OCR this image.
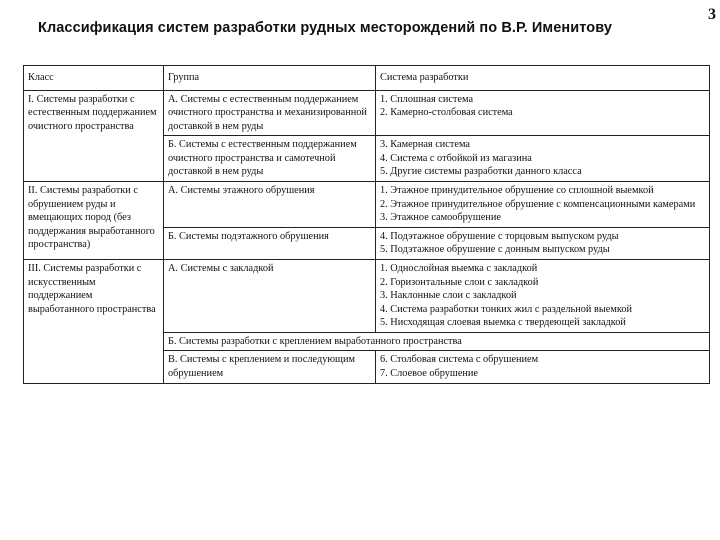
Классификация систем разработки рудных месторождений по В.Р. Именитову
3
Класс	Группа	Система разработки
I. Системы разработки с естественным поддержанием очистного пространства	А. Системы с естественным поддержанием очистного пространства и механизированной доставкой в нем руды	1. Сплошная система
2. Камерно-столбовая система

	Б. Системы с естественным поддержанием очистного пространства и самотечной доставкой в нем руды	3. Камерная система
4. Система с отбойкой из магазина
5. Другие системы разработки данного класса

II. Системы разработки с обрушением руды и вмещающих пород (без поддержания выработанного пространства)	А. Системы этажного обрушения	1. Этажное принудительное обрушение со сплошной выемкой
2. Этажное принудительное обрушение с компенсационными камерами
3. Этажное самообрушение

	Б. Системы подэтажного обрушения	4. Подэтажное обрушение с торцовым выпуском руды
5. Подэтажное обрушение с донным выпуском руды

III. Системы разработки с искусственным поддержанием выработанного пространства	А. Системы с закладкой	1. Однослойная выемка с закладкой
2. Горизонтальные слои с закладкой
3. Наклонные слои с закладкой
4. Система разработки тонких жил с раздельной выемкой
5. Нисходящая слоевая выемка с твердеющей закладкой

	Б. Системы разработки с креплением выработанного пространства	
	В. Системы с креплением и последующим обрушением	6. Столбовая система с обрушением
7. Слоевое обрушение
